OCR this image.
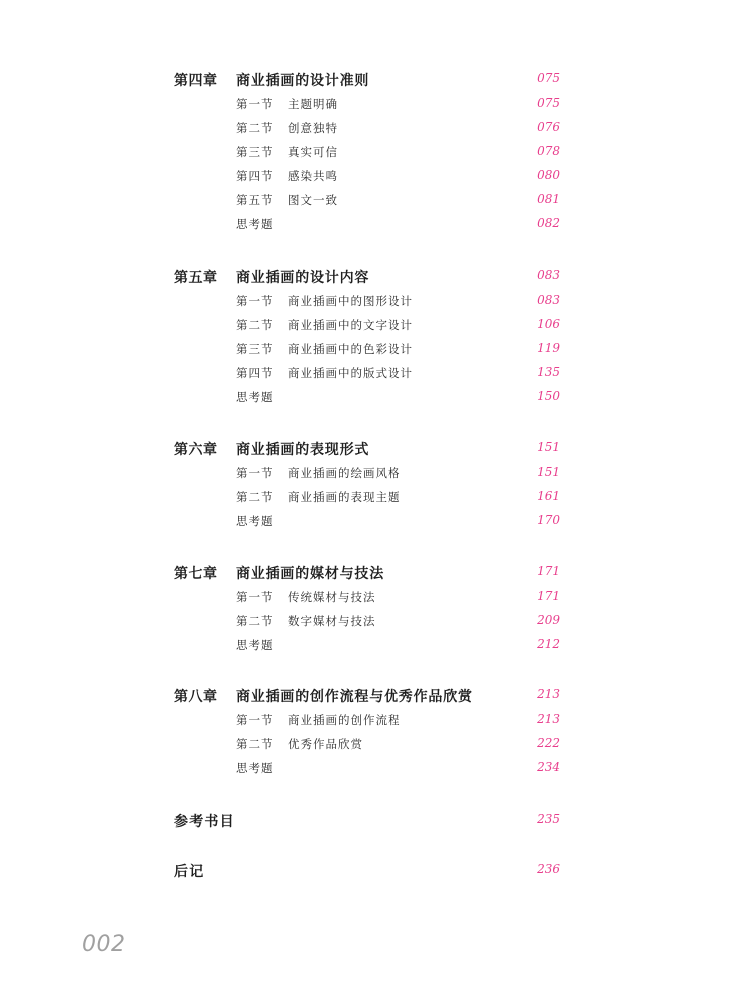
第四章 商业插画的设计准则	075
第一节 主题明确	075
第二节 创意独特	076
第三节 真实可信	078
第四节 感染共鸣	080
第五节 图文一致	081
思考题	082
第五章 商业插画的设计内容	083
第一节 商业插画中的图形设计	083
第二节 商业插画中的文字设计	106
第三节 商业插画中的色彩设计	119
第四节 商业插画中的版式设计	135
思考题	150
第六章 商业插画的表现形式	151
第一节 商业插画的绘画风格	151
第二节 商业插画的表现主题	161
思考题	170
第七章 商业插画的媒材与技法	171
第一节 传统媒材与技法	171
第二节 数字媒材与技法	209
思考题	212
第八章 商业插画的创作流程与优秀作品欣赏	213
第一节 商业插画的创作流程	213
第二节 优秀作品欣赏	222
思考题	234
参考书目	235
后记	236
002
